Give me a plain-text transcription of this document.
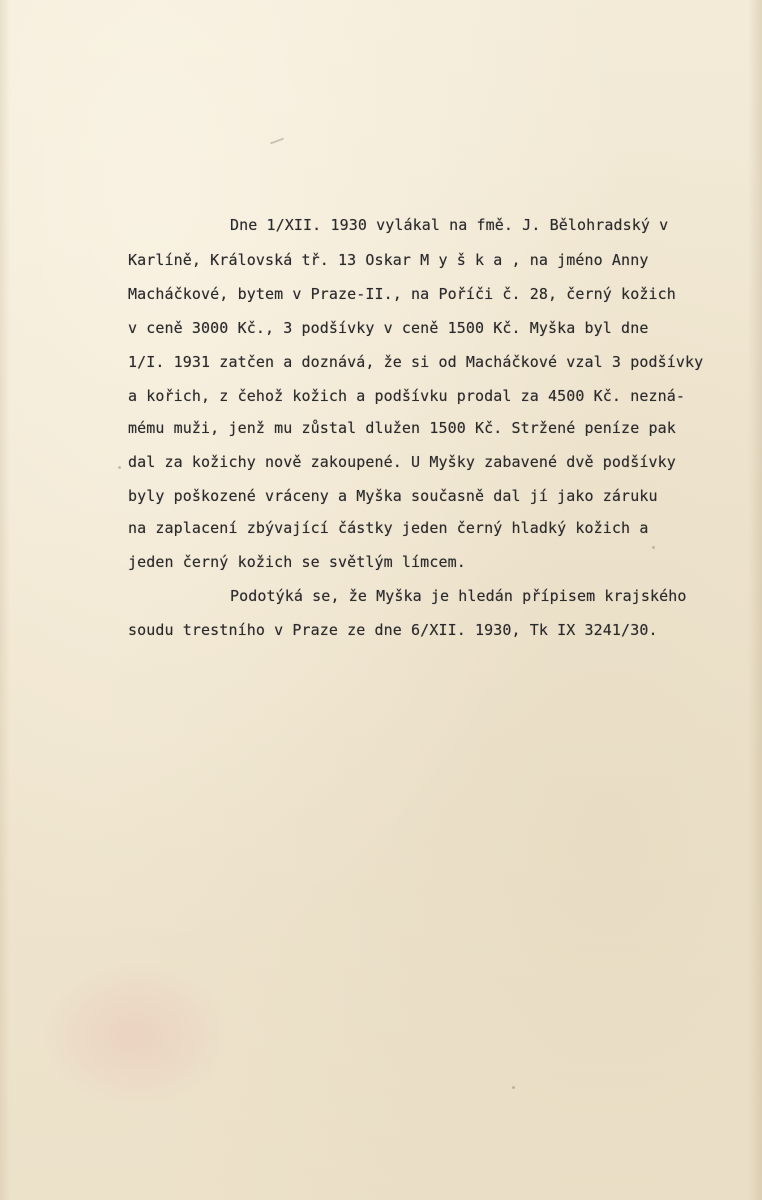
Dne 1/XII. 1930 vylákal na fmě. J. Bělohradský v
Karlíně, Královská tř. 13 Oskar M y š k a , na jméno Anny
Macháčkové, bytem v Praze-II., na Poříči č. 28, černý kožich
v ceně 3000 Kč., 3 podšívky v ceně 1500 Kč. Myška byl dne
1/I. 1931 zatčen a doznává, že si od Macháčkové vzal 3 podšívky
a kořich, z čehož kožich a podšívku prodal za 4500 Kč. nezná-
mému muži, jenž mu zůstal dlužen 1500 Kč. Stržené peníze pak
dal za kožichy nově zakoupené. U Myšky zabavené dvě podšívky
byly poškozené vráceny a Myška současně dal jí jako záruku
na zaplacení zbývající částky jeden černý hladký kožich a
jeden černý kožich se světlým límcem.
Podotýká se, že Myška je hledán přípisem krajského
soudu trestního v Praze ze dne 6/XII. 1930, Tk IX 3241/30.
